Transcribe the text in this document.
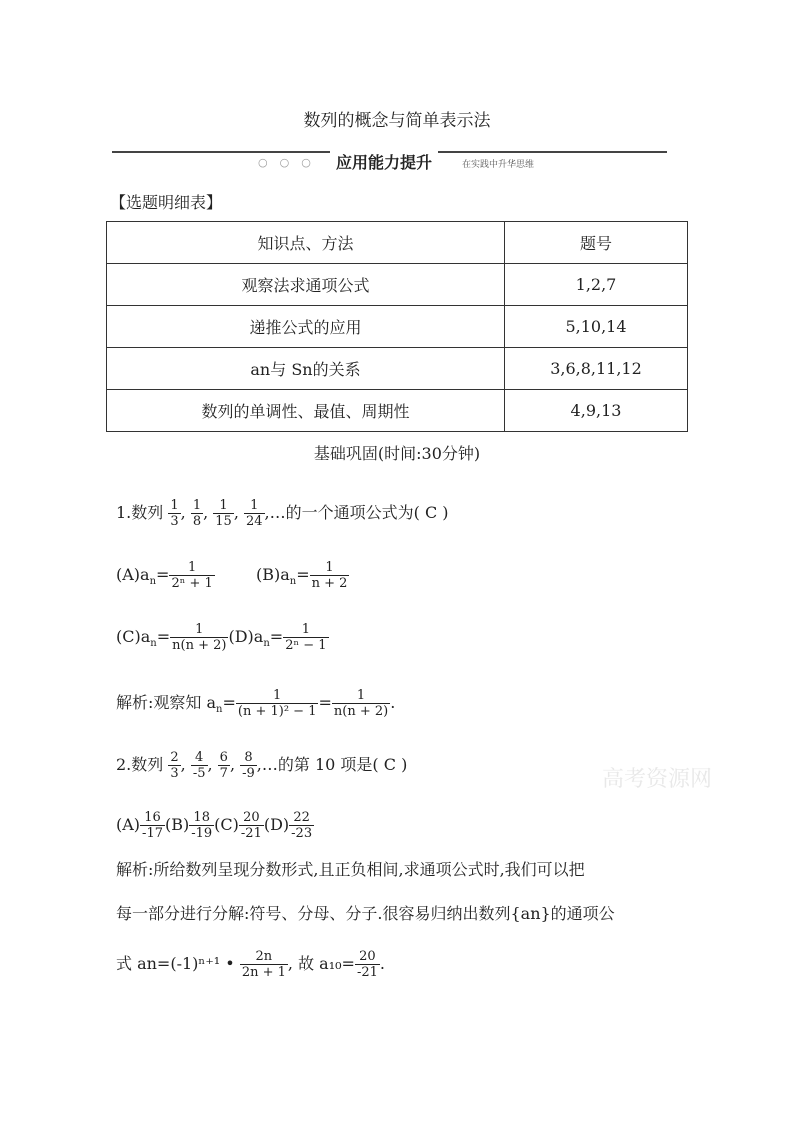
数列的概念与简单表示法
○○○ 应用能力提升	在实践中升华思维
【选题明细表】
知识点、方法	题号
观察法求通项公式	1,2,7
递推公式的应用	5,10,14
an与 Sn的关系	3,6,8,11,12
数列的单调性、最值、周期性	4,9,13
基础巩固(时间:30分钟)
1.数列 $\frac{1}{3}$ , $\frac{1}{8}$ , $\frac{1}{15}$ , $\frac{1}{24}$ ,…的一个通项公式为( C )
$(A)a_n= \frac{1}{\text{2ⁿ + 1}}$	$(B)a_n= \frac{1}{n + 2}$
$(C)a_n= \frac{1}{n(n + 2)} (D)a_n= \frac{1}{\text{2ⁿ − 1}}$
解析:观察知 $a_n= \frac{1}{\text{(n + 1)² − 1}} = \frac{1}{n(n + 2)}$ .
2.数列 $\frac{2}{3}$ , $\frac{4}{-5}$ , $\frac{6}{7}$ , $\frac{8}{-9}$ ,…的第 10 项是( C )
$(A) \frac{16}{-17} (B) \frac{18}{-19} (C) \frac{20}{-21} (D) \frac{22}{-23}$
解析:所给数列呈现分数形式,且正负相间,求通项公式时,我们可以把
每一部分进行分解:符号、分母、分子.很容易归纳出数列{an}的通项公
式 an=(-1)ⁿ⁺¹ • $\frac{2n}{2n + 1}$ , 故 $a_{10}= \frac{20}{-21}$ .
高考资源网
